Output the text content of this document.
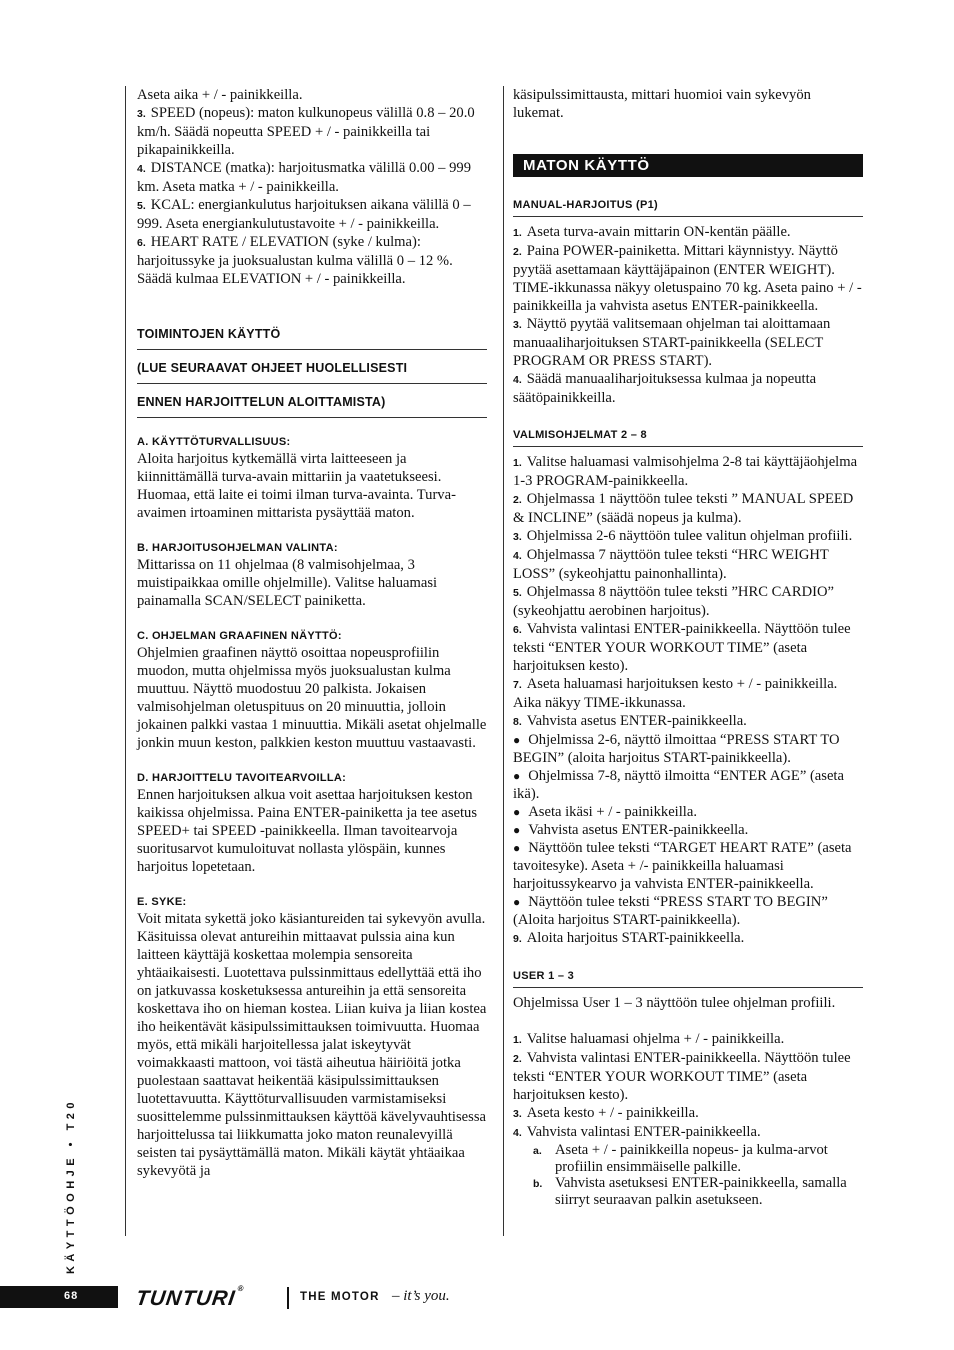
Aseta aika + / - painikkeilla.

3. SPEED (nopeus): maton kulkunopeus välillä 0.8 – 20.0 km/h. Säädä nopeutta SPEED + / - painikkeilla tai pikapainikkeilla.

4. DISTANCE (matka): harjoitusmatka välillä 0.00 – 999 km. Aseta matka + / - painikkeilla.

5. KCAL: energiankulutus harjoituksen aikana välillä 0 – 999. Aseta energiankulutustavoite + / - painikkeilla.

6. HEART RATE / ELEVATION (syke / kulma): harjoitussyke ja juoksualustan kulma välillä 0 – 12 %. Säädä kulmaa ELEVATION + / - painikkeilla.

TOIMINTOJEN KÄYTTÖ

(LUE SEURAAVAT OHJEET HUOLELLISESTI

ENNEN HARJOITTELUN ALOITTAMISTA)

A. KÄYTTÖTURVALLISUUS:

Aloita harjoitus kytkemällä virta laitteeseen ja kiinnittämällä turva-avain mittariin ja vaatetukseesi. Huomaa, että laite ei toimi ilman turva-avainta. Turva-avaimen irtoaminen mittarista pysäyttää maton.

B. HARJOITUSOHJELMAN VALINTA:

Mittarissa on 11 ohjelmaa (8 valmisohjelmaa, 3 muistipaikkaa omille ohjelmille). Valitse haluamasi painamalla SCAN/SELECT painiketta.

C. OHJELMAN GRAAFINEN NÄYTTÖ:

Ohjelmien graafinen näyttö osoittaa nopeusprofiilin muodon, mutta ohjelmissa myös juoksualustan kulma muuttuu. Näyttö muodostuu 20 palkista. Jokaisen valmisohjelman oletuspituus on 20 minuuttia, jolloin jokainen palkki vastaa 1 minuuttia. Mikäli asetat ohjelmalle jonkin muun keston, palkkien keston muuttuu vastaavasti.

D. HARJOITTELU TAVOITEARVOILLA:

Ennen harjoituksen alkua voit asettaa harjoituksen keston kaikissa ohjelmissa. Paina ENTER-painiketta ja tee asetus SPEED+ tai SPEED -painikkeella. Ilman tavoitearvoja suoritusarvot kumuloituvat nollasta ylöspäin, kunnes harjoitus lopetetaan.

E. SYKE:

Voit mitata sykettä joko käsiantureiden tai sykevyön avulla. Käsituissa olevat antureihin mittaavat pulssia aina kun laitteen käyttäjä koskettaa molempia sensoreita yhtäaikaisesti. Luotettava pulssinmittaus edellyttää että iho on jatkuvassa kosketuksessa antureihin ja että sensoreita koskettava iho on hieman kostea. Liian kuiva ja liian kostea iho heikentävät käsipulssimittauksen toimivuutta. Huomaa myös, että mikäli harjoitellessa jalat iskeytyvät voimakkaasti mattoon, voi tästä aiheutua häiriöitä jotka puolestaan saattavat heikentää käsipulssimittauksen luotettavuutta. Käyttöturvallisuuden varmistamiseksi suosittelemme pulssinmittauksen käyttöä kävelyvauhtisessa harjoittelussa tai liikkumatta joko maton reunalevyillä seisten tai pysäyttämällä maton. Mikäli käytät yhtäaikaa sykevyötä ja

käsipulssimittausta, mittari huomioi vain sykevyön lukemat.

MATON KÄYTTÖ

MANUAL-HARJOITUS (P1)

1. Aseta turva-avain mittarin ON-kentän päälle.

2. Paina POWER-painiketta. Mittari käynnistyy. Näyttö pyytää asettamaan käyttäjäpainon (ENTER WEIGHT). TIME-ikkunassa näkyy oletuspaino 70 kg. Aseta paino + / - painikkeilla ja vahvista asetus ENTER-painikkeella.

3. Näyttö pyytää valitsemaan ohjelman tai aloittamaan manuaaliharjoituksen START-painikkeella (SELECT PROGRAM OR PRESS START).

4. Säädä manuaaliharjoituksessa kulmaa ja nopeutta säätöpainikkeilla.

VALMISOHJELMAT 2 – 8

1. Valitse haluamasi valmisohjelma 2-8 tai käyttäjäohjelma 1-3 PROGRAM-painikkeella.

2. Ohjelmassa 1 näyttöön tulee teksti ” MANUAL SPEED & INCLINE” (säädä nopeus ja kulma).

3. Ohjelmissa 2-6 näyttöön tulee valitun ohjelman profiili.

4. Ohjelmassa 7 näyttöön tulee teksti “HRC WEIGHT LOSS” (sykeohjattu painonhallinta).

5. Ohjelmassa 8 näyttöön tulee teksti ”HRC CARDIO” (sykeohjattu aerobinen harjoitus).

6. Vahvista valintasi ENTER-painikkeella. Näyttöön tulee teksti “ENTER YOUR WORKOUT TIME” (aseta harjoituksen kesto).

7. Aseta haluamasi harjoituksen kesto + / - painikkeilla. Aika näkyy TIME-ikkunassa.

8. Vahvista asetus ENTER-painikkeella.

● Ohjelmissa 2-6, näyttö ilmoittaa “PRESS START TO BEGIN” (aloita harjoitus START-painikkeella).

● Ohjelmissa 7-8, näyttö ilmoitta “ENTER AGE” (aseta ikä).

● Aseta ikäsi + / - painikkeilla.

● Vahvista asetus ENTER-painikkeella.

● Näyttöön tulee teksti “TARGET HEART RATE” (aseta tavoitesyke). Aseta + /- painikkeilla haluamasi harjoitussykearvo ja vahvista ENTER-painikkeella.

● Näyttöön tulee teksti “PRESS START TO BEGIN” (Aloita harjoitus START-painikkeella).

9. Aloita harjoitus START-painikkeella.

USER 1 – 3

Ohjelmissa User 1 – 3 näyttöön tulee ohjelman profiili.

1. Valitse haluamasi ohjelma + / - painikkeilla.

2. Vahvista valintasi ENTER-painikkeella. Näyttöön tulee teksti “ENTER YOUR WORKOUT TIME” (aseta harjoituksen kesto).

3. Aseta kesto + / - painikkeilla.

4. Vahvista valintasi ENTER-painikkeella.

a. Aseta + / - painikkeilla nopeus- ja kulma-arvot profiilin ensimmäiselle palkille.

b. Vahvista asetuksesi ENTER-painikkeella, samalla siirryt seuraavan palkin asetukseen.

KÄYTTÖOHJE • T20
68	TUNTURI®
THE MOTOR – it’s you.
